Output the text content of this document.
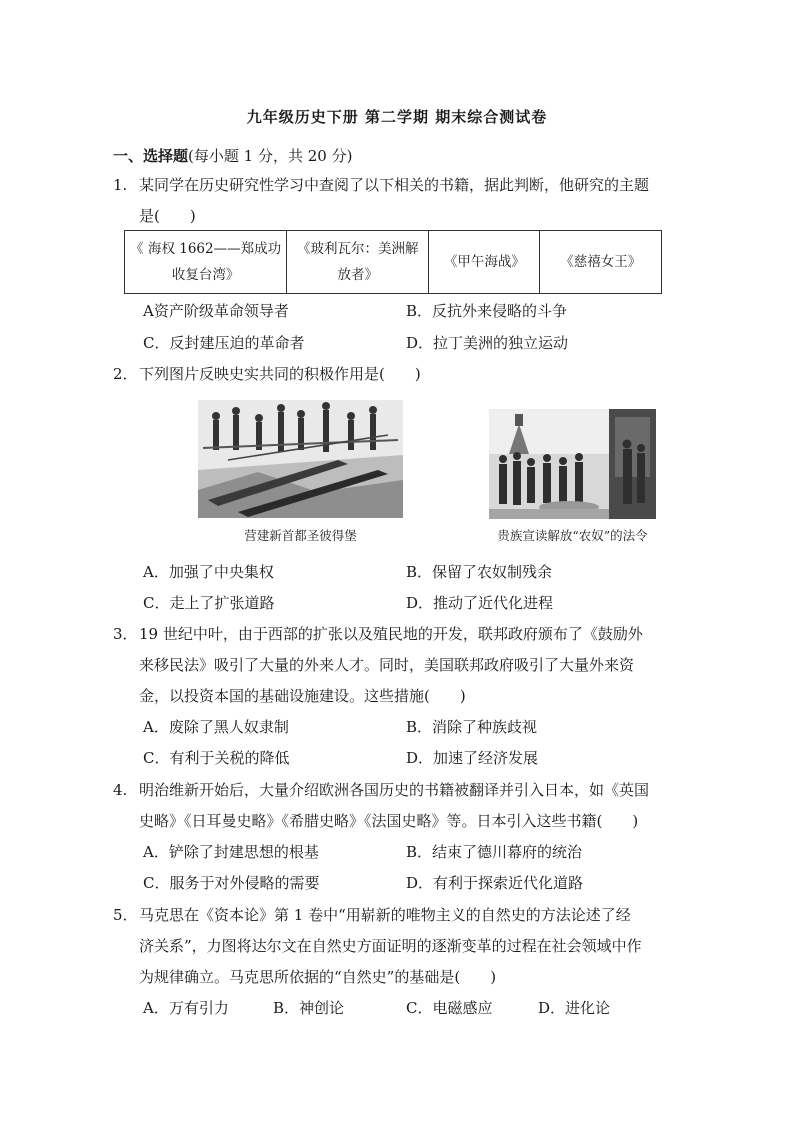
九年级历史下册 第二学期 期末综合测试卷
一、选择题(每小题 1 分，共 20 分)
1. 某同学在历史研究性学习中查阅了以下相关的书籍，据此判断，他研究的主题
是(　　)
《 海权 1662——郑成功收复台湾》	《玻利瓦尔：美洲解放者》	《甲午海战》	《慈禧女王》
A资产阶级革命领导者	B．反抗外来侵略的斗争
C．反封建压迫的革命者	D．拉丁美洲的独立运动
2．下列图片反映史实共同的积极作用是(　　)
营建新首都圣彼得堡	贵族宣读解放“农奴”的法令
A．加强了中央集权	B．保留了农奴制残余
C．走上了扩张道路	D．推动了近代化进程
3．19 世纪中叶，由于西部的扩张以及殖民地的开发，联邦政府颁布了《鼓励外
来移民法》吸引了大量的外来人才。同时，美国联邦政府吸引了大量外来资
金，以投资本国的基础设施建设。这些措施(　　)
A．废除了黑人奴隶制	B．消除了种族歧视
C．有利于关税的降低	D．加速了经济发展
4. 明治维新开始后，大量介绍欧洲各国历史的书籍被翻译并引入日本，如《英国
史略》《日耳曼史略》《希腊史略》《法国史略》等。日本引入这些书籍(　　)
A．铲除了封建思想的根基	B．结束了德川幕府的统治
C．服务于对外侵略的需要	D．有利于探索近代化道路
5．马克思在《资本论》第 1 卷中“用崭新的唯物主义的自然史的方法论述了经
济关系”，力图将达尔文在自然史方面证明的逐渐变革的过程在社会领域中作
为规律确立。马克思所依据的“自然史”的基础是(　　)
A．万有引力	B．神创论	C．电磁感应	D．进化论
